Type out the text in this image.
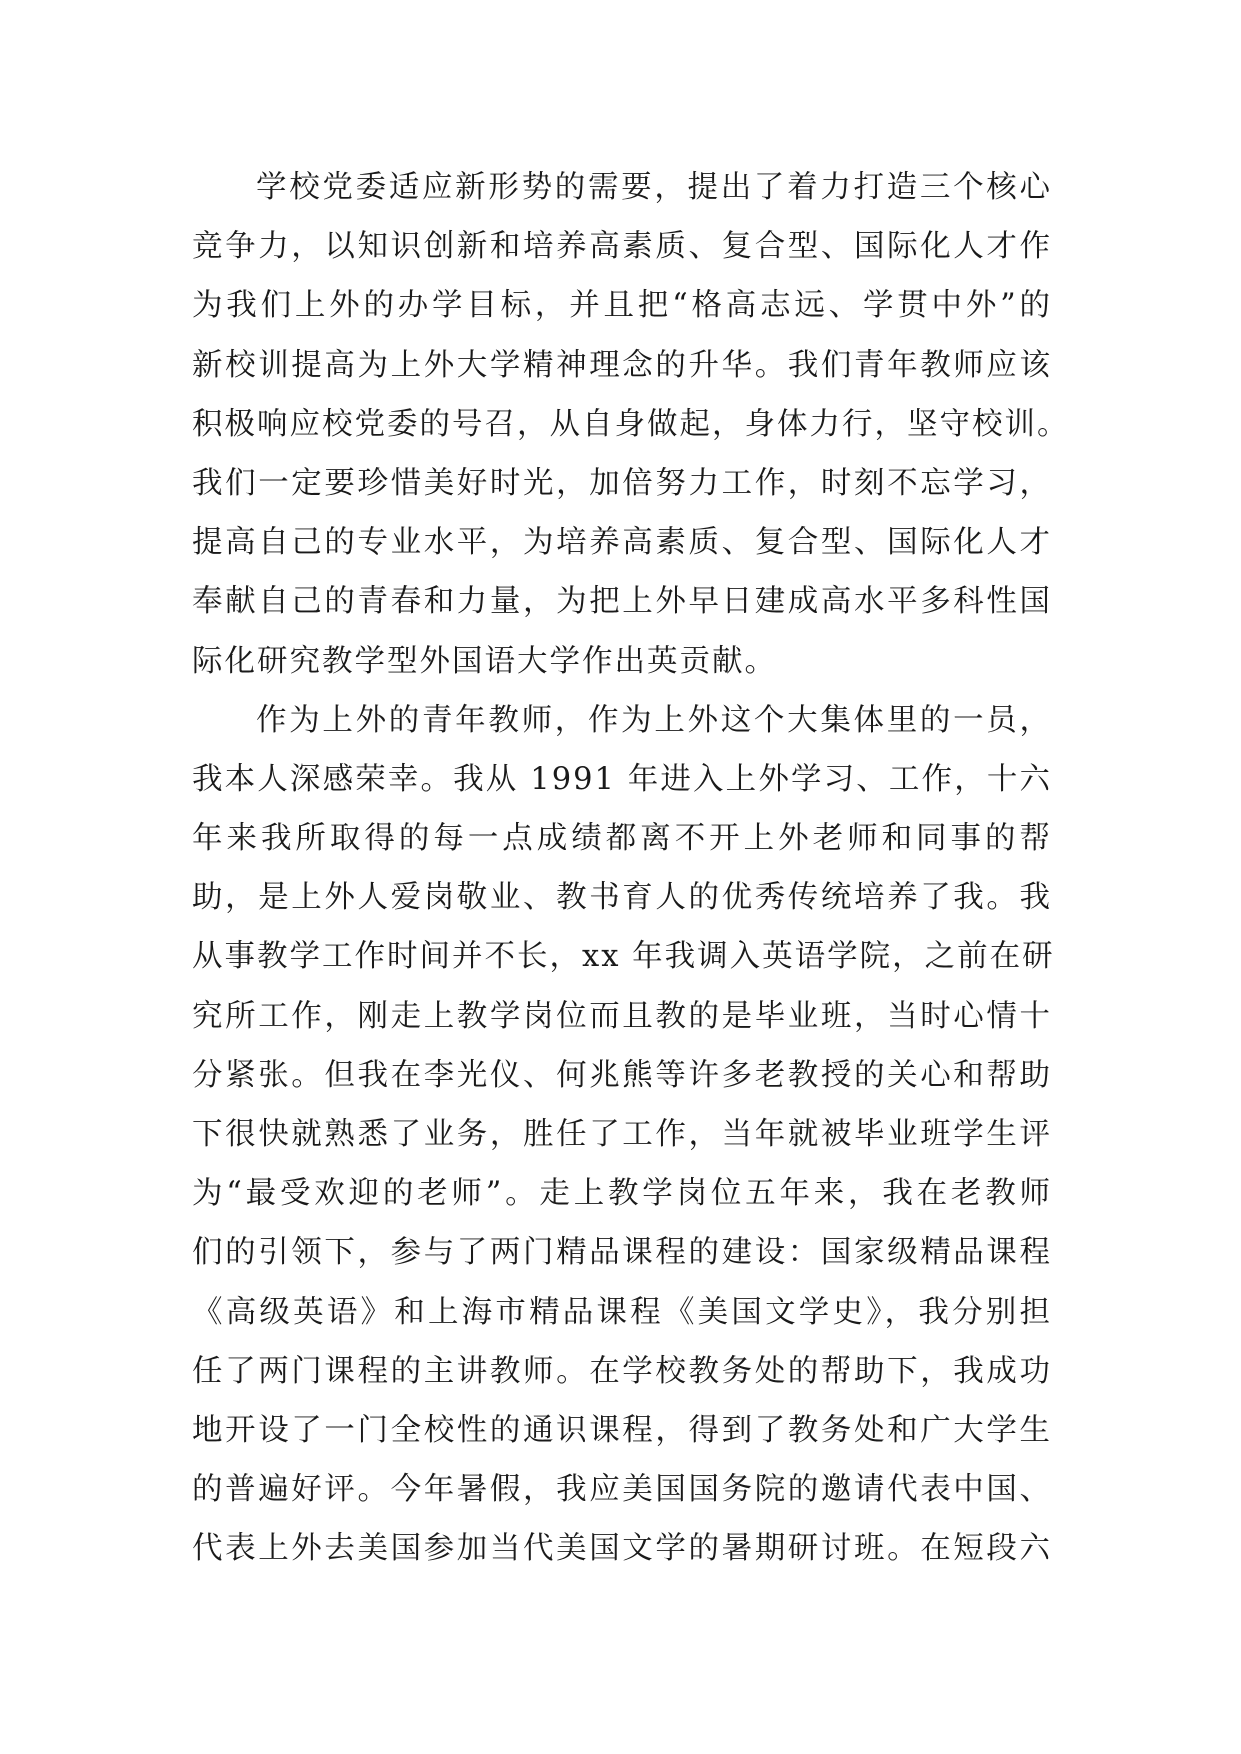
学校党委适应新形势的需要，提出了着力打造三个核心
竞争力，以知识创新和培养高素质、复合型、国际化人才作
为我们上外的办学目标，并且把“格高志远、学贯中外”的
新校训提高为上外大学精神理念的升华。我们青年教师应该
积极响应校党委的号召，从自身做起，身体力行，坚守校训。
我们一定要珍惜美好时光，加倍努力工作，时刻不忘学习，
提高自己的专业水平，为培养高素质、复合型、国际化人才
奉献自己的青春和力量，为把上外早日建成高水平多科性国
际化研究教学型外国语大学作出英贡献。
作为上外的青年教师，作为上外这个大集体里的一员，
我本人深感荣幸。我从 1991 年进入上外学习、工作，十六
年来我所取得的每一点成绩都离不开上外老师和同事的帮
助，是上外人爱岗敬业、教书育人的优秀传统培养了我。我
从事教学工作时间并不长，xx 年我调入英语学院，之前在研
究所工作，刚走上教学岗位而且教的是毕业班，当时心情十
分紧张。但我在李光仪、何兆熊等许多老教授的关心和帮助
下很快就熟悉了业务，胜任了工作，当年就被毕业班学生评
为“最受欢迎的老师”。走上教学岗位五年来，我在老教师
们的引领下，参与了两门精品课程的建设：国家级精品课程
《高级英语》和上海市精品课程《美国文学史》，我分别担
任了两门课程的主讲教师。在学校教务处的帮助下，我成功
地开设了一门全校性的通识课程，得到了教务处和广大学生
的普遍好评。今年暑假，我应美国国务院的邀请代表中国、
代表上外去美国参加当代美国文学的暑期研讨班。在短段六
